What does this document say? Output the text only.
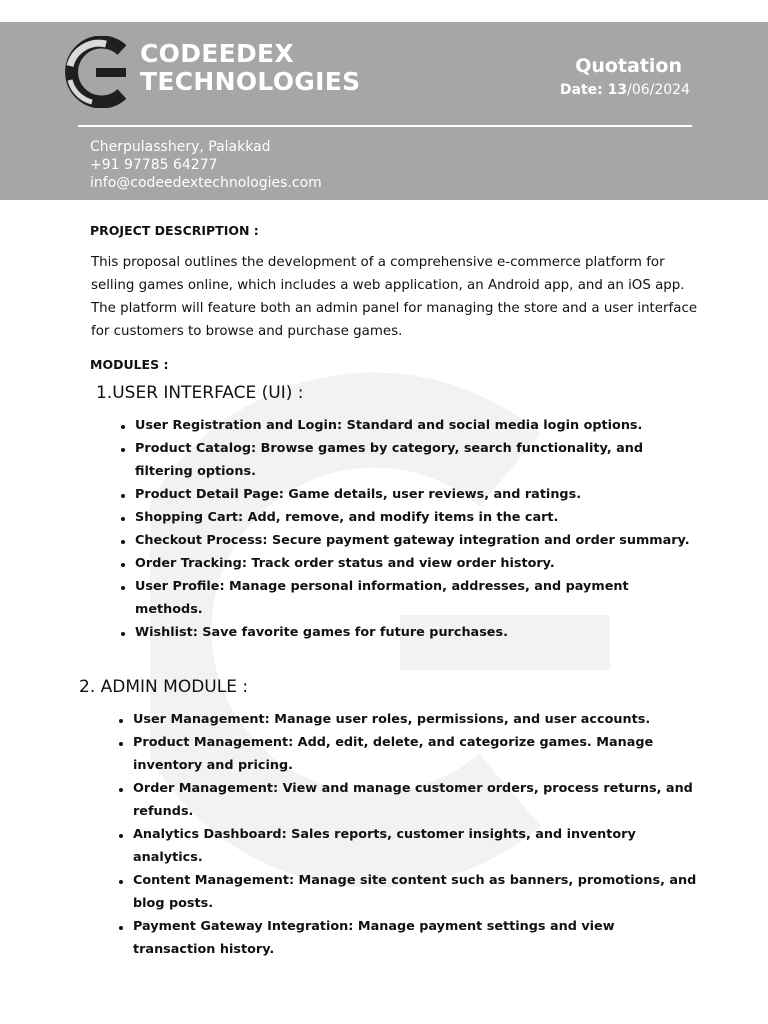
CODEEDEX
TECHNOLOGIES
Quotation
Date: 13/06/2024
Cherpulasshery, Palakkad
+91 97785 64277
info@codeedextechnologies.com
PROJECT DESCRIPTION :
This proposal outlines the development of a comprehensive e-commerce platform for selling games online, which includes a web application, an Android app, and an iOS app. The platform will feature both an admin panel for managing the store and a user interface for customers to browse and purchase games.
MODULES :
1.USER INTERFACE (UI) :
User Registration and Login: Standard and social media login options.
Product Catalog: Browse games by category, search functionality, and filtering options.
Product Detail Page: Game details, user reviews, and ratings.
Shopping Cart: Add, remove, and modify items in the cart.
Checkout Process: Secure payment gateway integration and order summary.
Order Tracking: Track order status and view order history.
User Profile: Manage personal information, addresses, and payment methods.
Wishlist: Save favorite games for future purchases.
2. ADMIN MODULE :
User Management: Manage user roles, permissions, and user accounts.
Product Management: Add, edit, delete, and categorize games. Manage inventory and pricing.
Order Management: View and manage customer orders, process returns, and refunds.
Analytics Dashboard: Sales reports, customer insights, and inventory analytics.
Content Management: Manage site content such as banners, promotions, and blog posts.
Payment Gateway Integration: Manage payment settings and view transaction history.
